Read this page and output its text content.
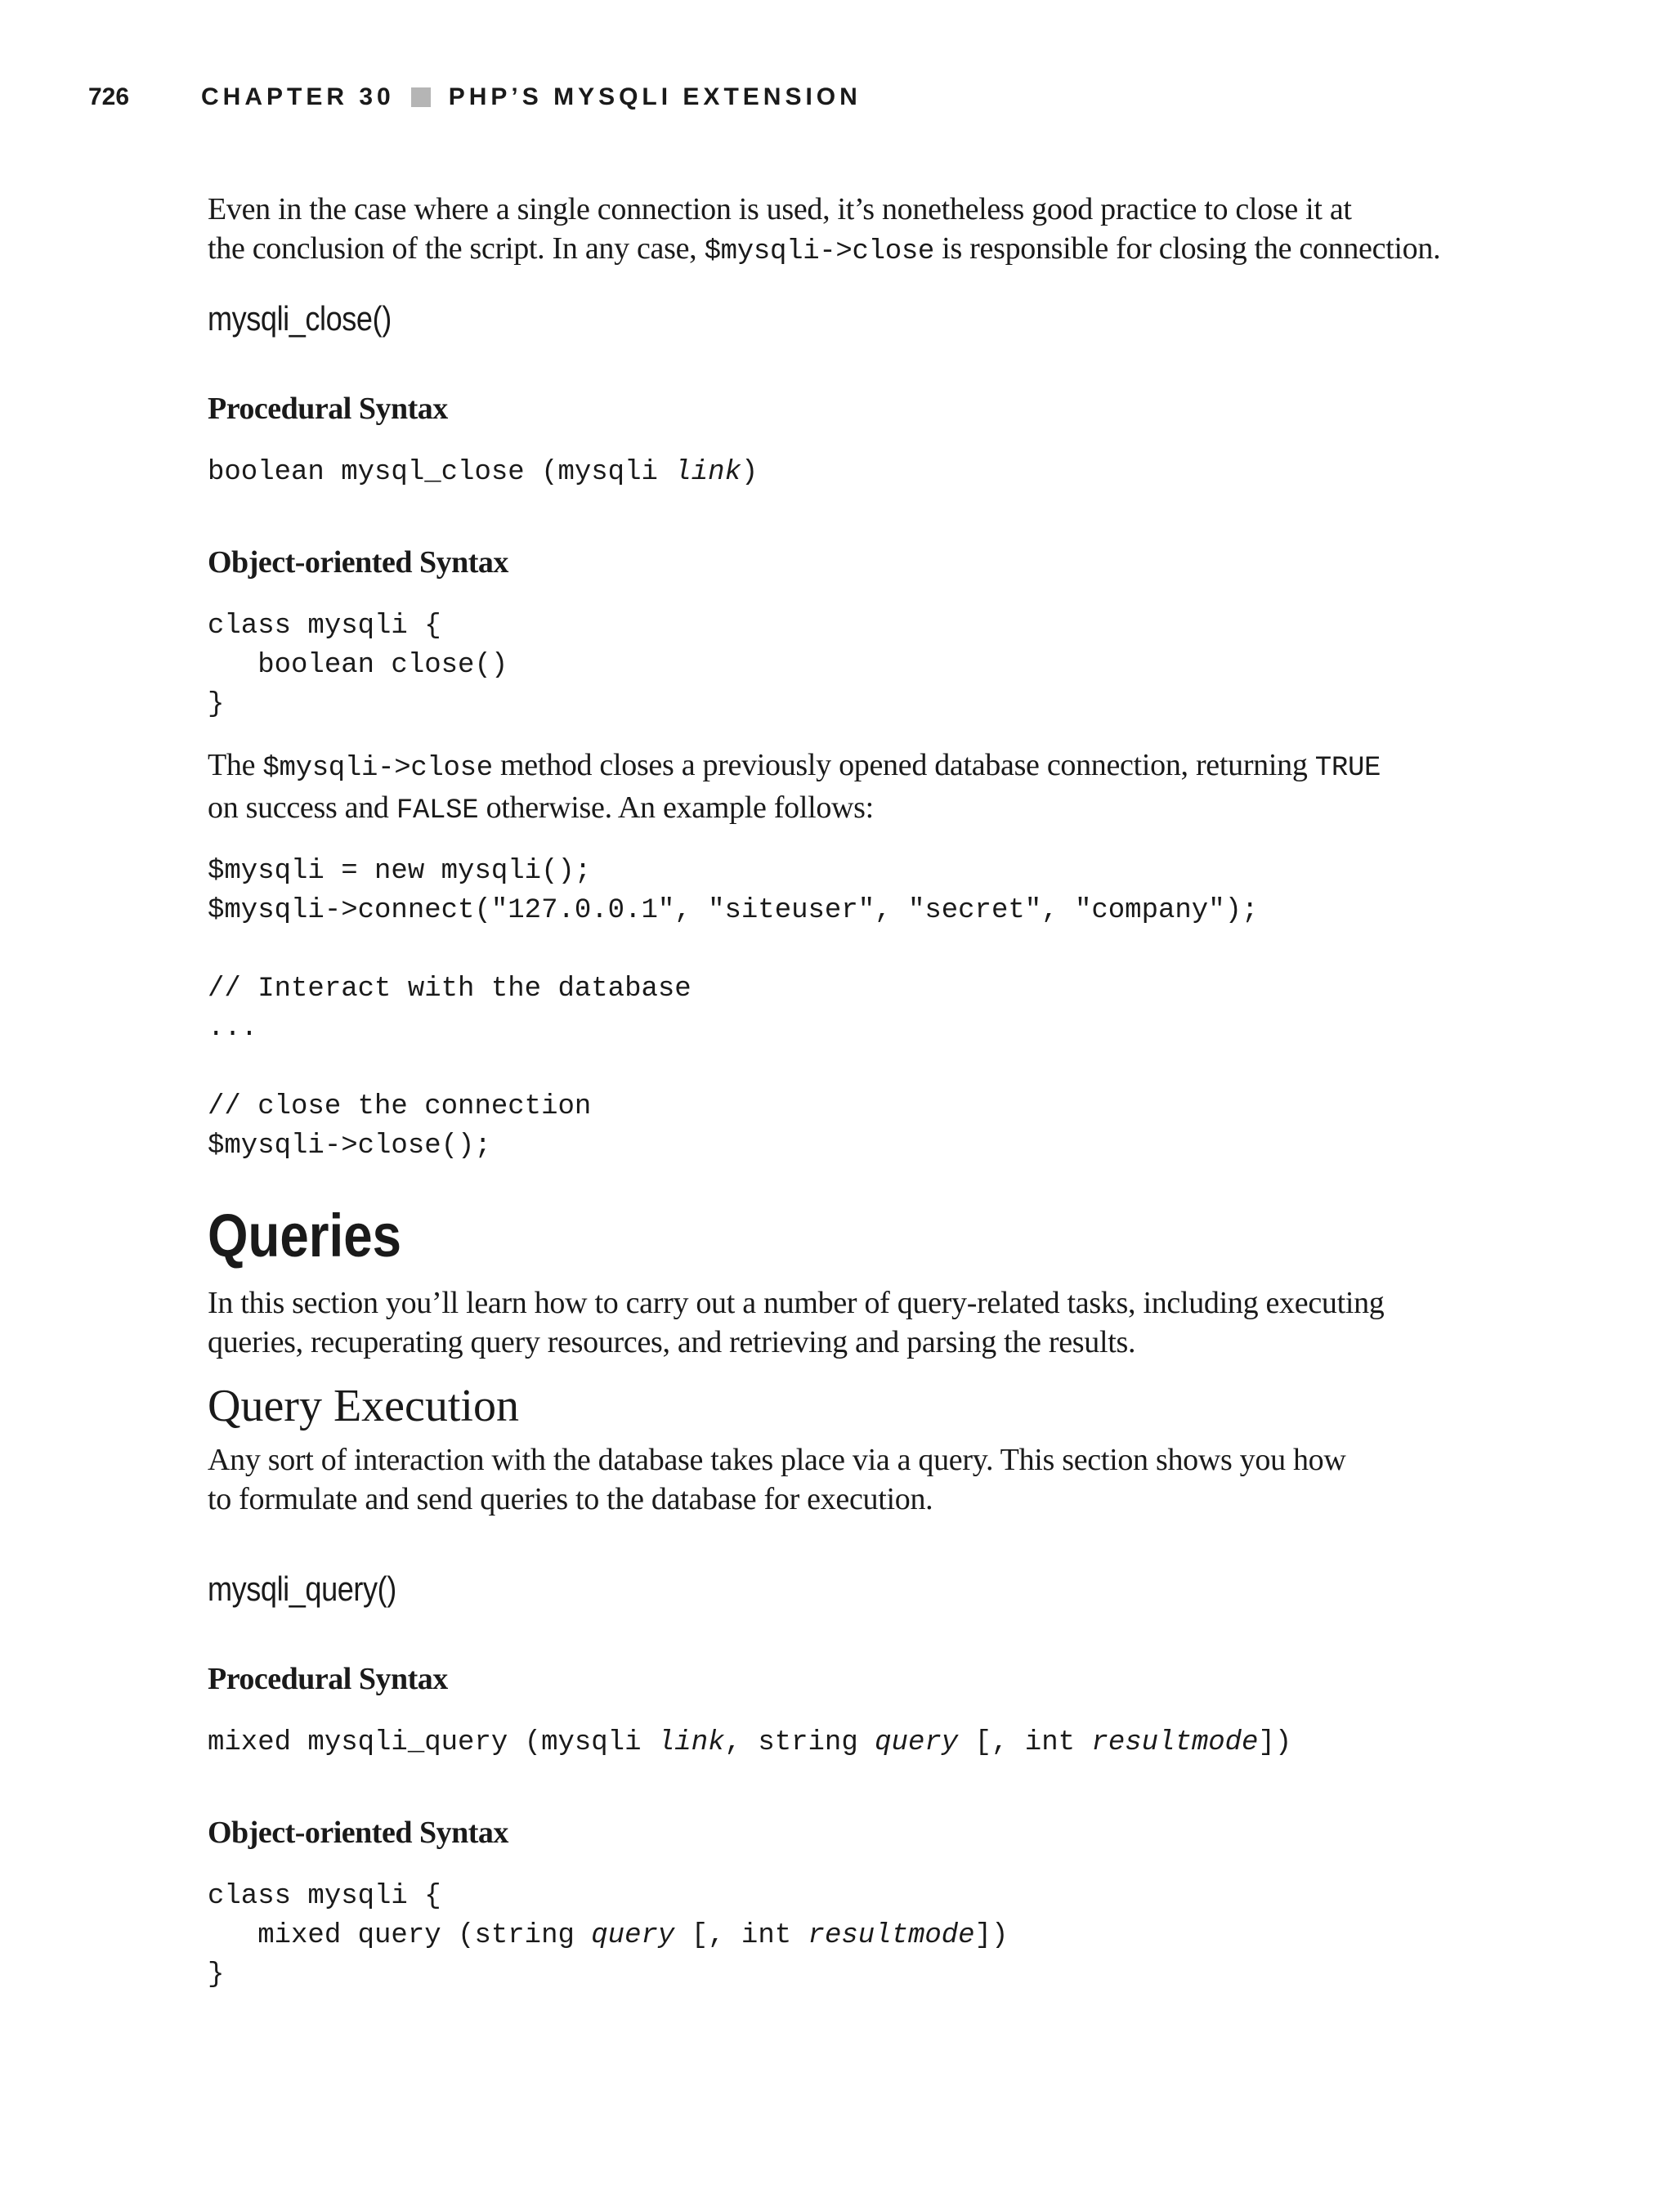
726	CHAPTER 30 PHP’S MYSQLI EXTENSION

Even in the case where a single connection is used, it’s nonetheless good practice to close it at
the conclusion of the script. In any case, $mysqli->close is responsible for closing the connection.

mysqli_close()
Procedural Syntax
boolean mysql_close (mysqli link)
Object-oriented Syntax
class mysqli {
boolean close()
}

The $mysqli->close method closes a previously opened database connection, returning TRUE
on success and FALSE otherwise. An example follows:

$mysqli = new mysqli();
$mysqli->connect("127.0.0.1", "siteuser", "secret", "company");

// Interact with the database
...

// close the connection
$mysqli->close();
Queries

In this section you’ll learn how to carry out a number of query-related tasks, including executing
queries, recuperating query resources, and retrieving and parsing the results.

Query Execution

Any sort of interaction with the database takes place via a query. This section shows you how
to formulate and send queries to the database for execution.

mysqli_query()
Procedural Syntax
mixed mysqli_query (mysqli link, string query [, int resultmode])
Object-oriented Syntax
class mysqli {
mixed query (string query [, int resultmode])
}
